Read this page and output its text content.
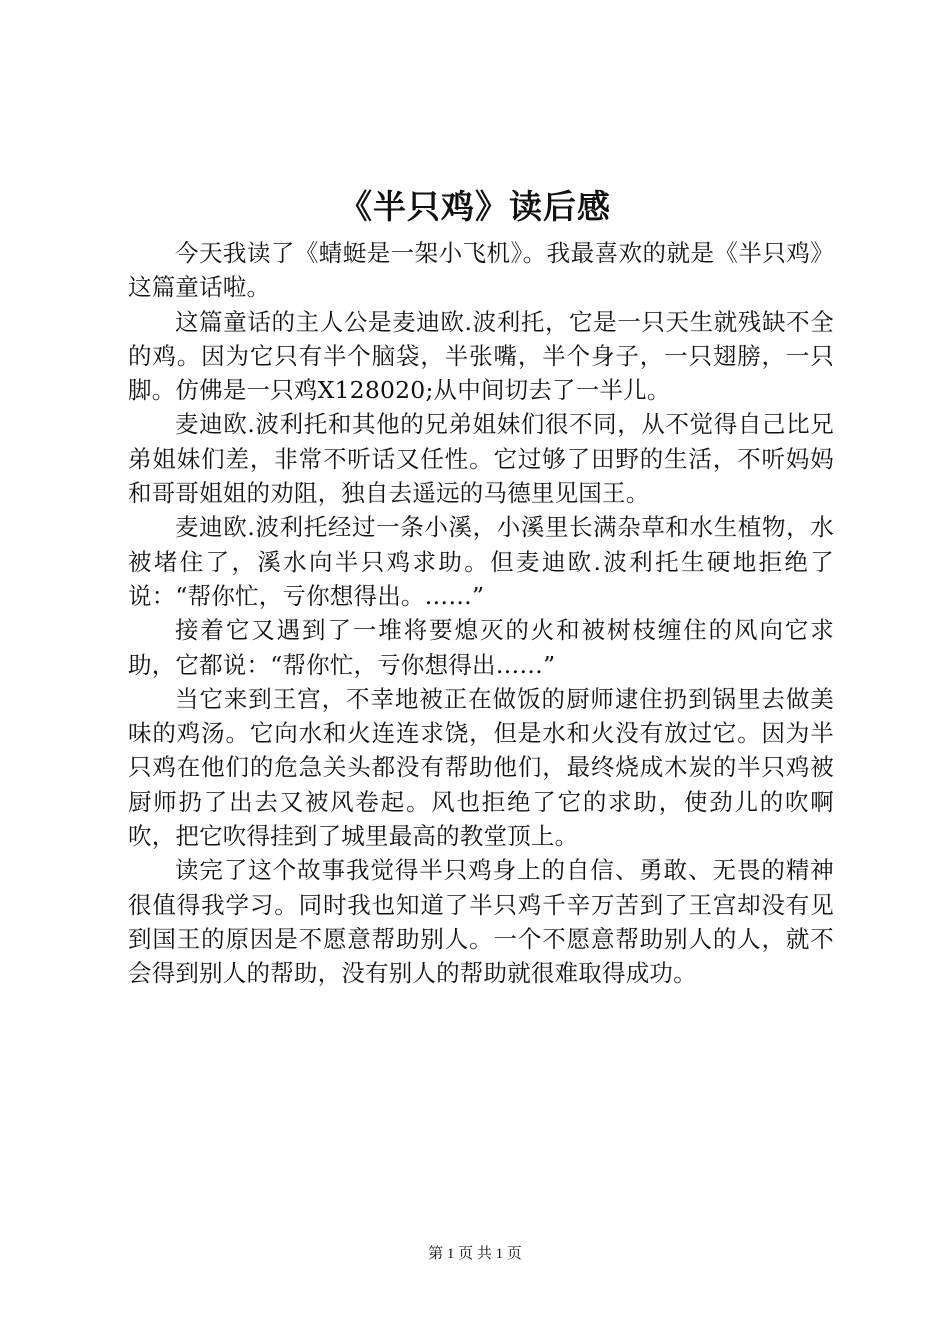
《半只鸡》读后感

今天我读了《蜻蜓是一架小飞机》。我最喜欢的就是《半只鸡》这篇童话啦。

这篇童话的主人公是麦迪欧.波利托，它是一只天生就残缺不全的鸡。因为它只有半个脑袋，半张嘴，半个身子，一只翅膀，一只脚。仿佛是一只鸡X128020;从中间切去了一半儿。

麦迪欧.波利托和其他的兄弟姐妹们很不同，从不觉得自己比兄弟姐妹们差，非常不听话又任性。它过够了田野的生活，不听妈妈和哥哥姐姐的劝阻，独自去遥远的马德里见国王。

麦迪欧.波利托经过一条小溪，小溪里长满杂草和水生植物，水被堵住了，溪水向半只鸡求助。但麦迪欧.波利托生硬地拒绝了说：“帮你忙，亏你想得出。……”

接着它又遇到了一堆将要熄灭的火和被树枝缠住的风向它求助，它都说：“帮你忙，亏你想得出……”

当它来到王宫，不幸地被正在做饭的厨师逮住扔到锅里去做美味的鸡汤。它向水和火连连求饶，但是水和火没有放过它。因为半只鸡在他们的危急关头都没有帮助他们，最终烧成木炭的半只鸡被厨师扔了出去又被风卷起。风也拒绝了它的求助，使劲儿的吹啊吹，把它吹得挂到了城里最高的教堂顶上。

读完了这个故事我觉得半只鸡身上的自信、勇敢、无畏的精神很值得我学习。同时我也知道了半只鸡千辛万苦到了王宫却没有见到国王的原因是不愿意帮助别人。一个不愿意帮助别人的人，就不会得到别人的帮助，没有别人的帮助就很难取得成功。

第 1 页 共 1 页
